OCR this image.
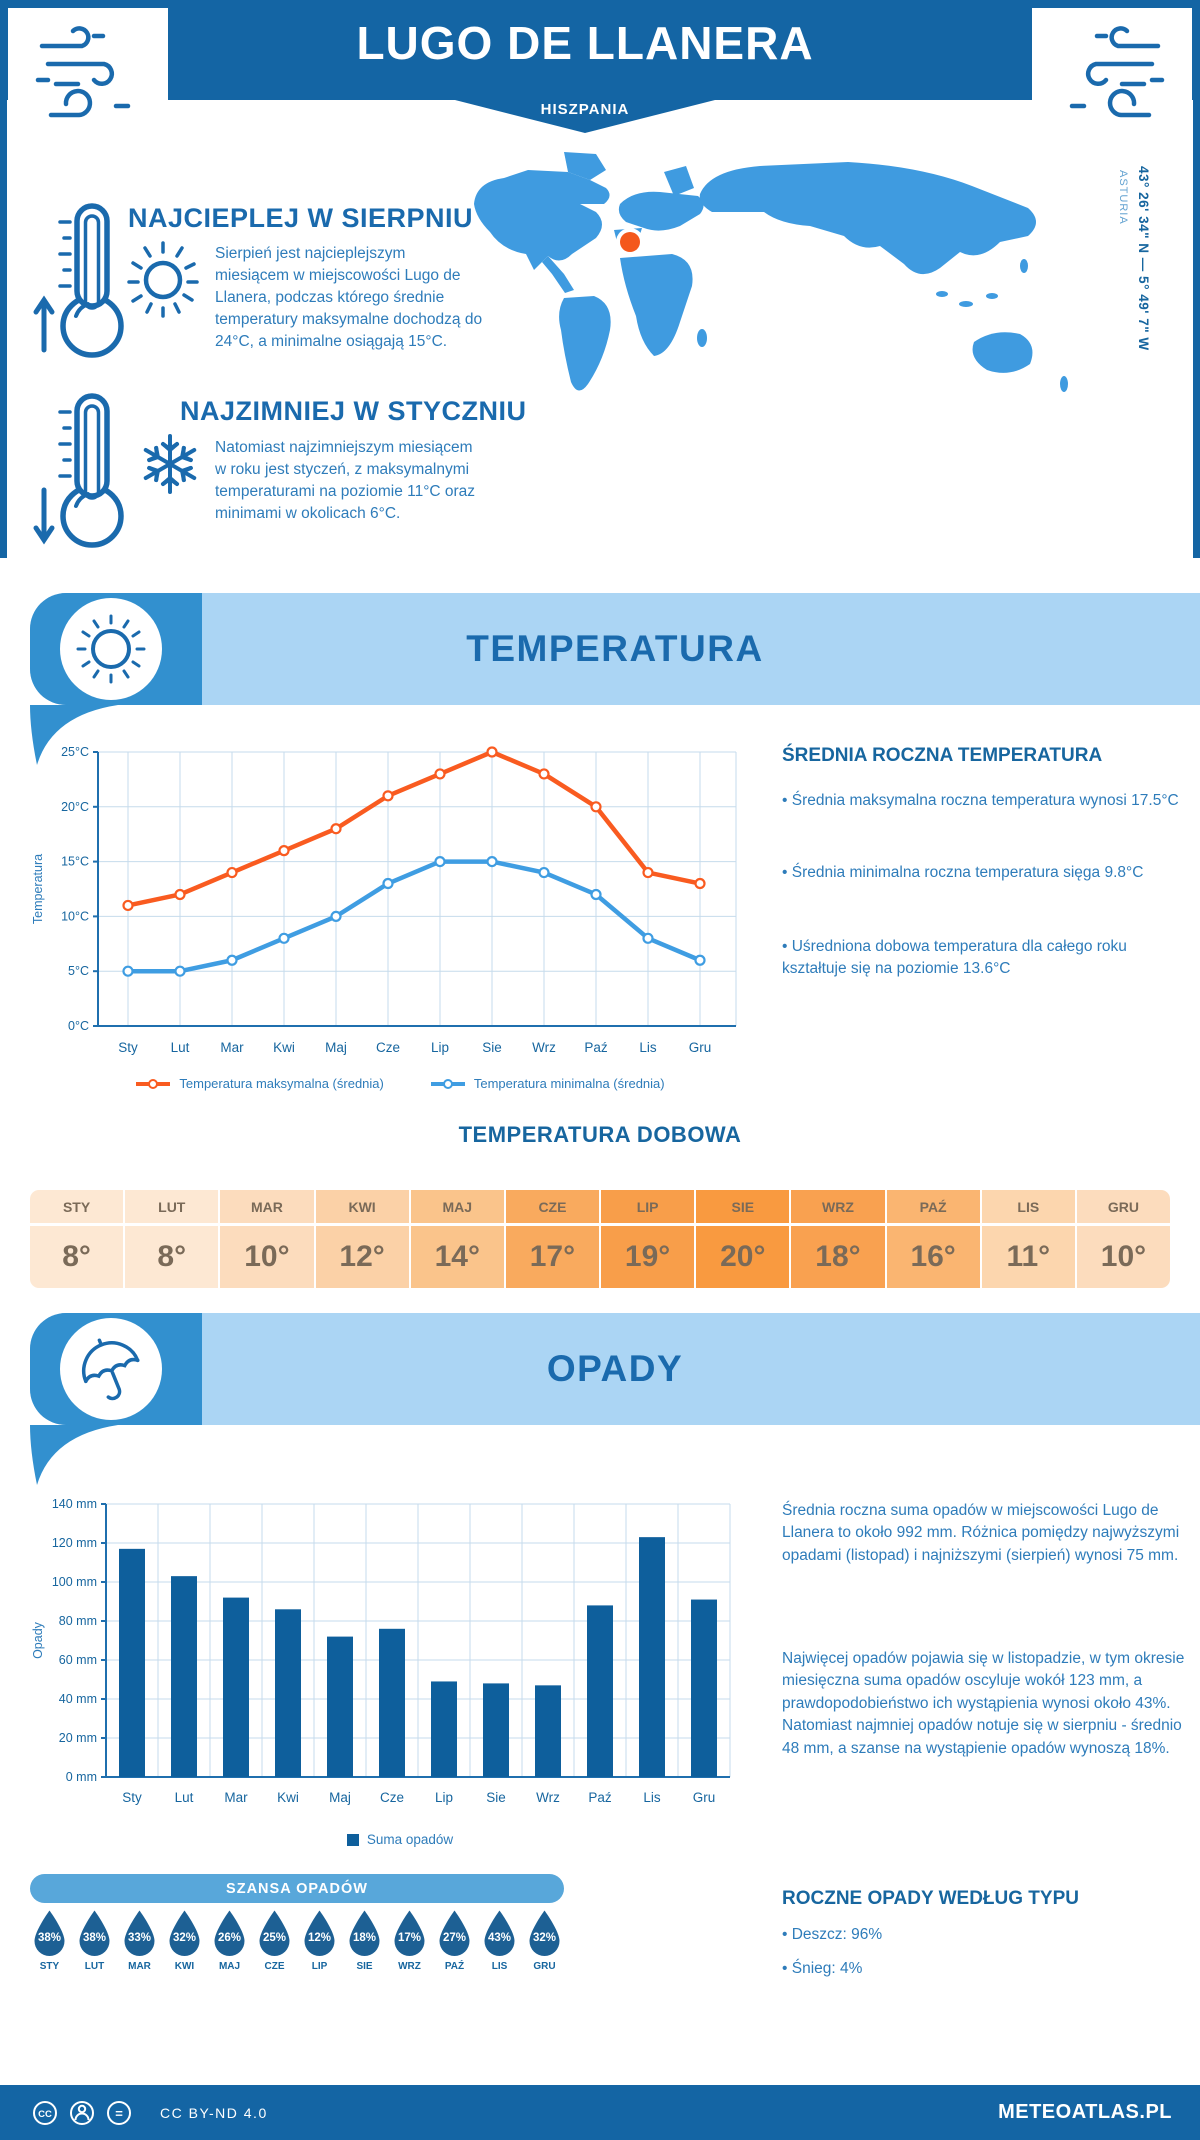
LUGO DE LLANERA
HISZPANIA
NAJCIEPLEJ W SIERPNIU
Sierpień jest najcieplejszym miesiącem w miejscowości Lugo de Llanera, podczas którego średnie temperatury maksymalne dochodzą do 24°C, a minimalne osiągają 15°C.
NAJZIMNIEJ W STYCZNIU
Natomiast najzimniejszym miesiącem w roku jest styczeń, z maksymalnymi temperaturami na poziomie 11°C oraz minimami w okolicach 6°C.
43° 26' 34" N — 5° 49' 7" W
ASTURIA
TEMPERATURA
0°C
5°C
10°C
15°C
20°C
25°C
Sty Lut Mar Kwi Maj Cze Lip Sie Wrz Paź Lis Gru
Temperatura
Temperatura maksymalna (średnia)	Temperatura minimalna (średnia)
ŚREDNIA ROCZNA TEMPERATURA
• Średnia maksymalna roczna temperatura wynosi 17.5°C
• Średnia minimalna roczna temperatura sięga 9.8°C
• Uśredniona dobowa temperatura dla całego roku kształtuje się na poziomie 13.6°C
TEMPERATURA DOBOWA
STY
8°
LUT
8°
MAR
10°
KWI
12°
MAJ
14°
CZE
17°
LIP
19°
SIE
20°
WRZ
18°
PAŹ
16°
LIS
11°
GRU
10°
OPADY
0 mm
20 mm
40 mm
60 mm
80 mm
100 mm
120 mm
140 mm
Sty Lut Mar Kwi Maj Cze Lip Sie Wrz Paź Lis Gru
Opady
Suma opadów
Średnia roczna suma opadów w miejscowości Lugo de Llanera to około 992 mm. Różnica pomiędzy najwyższymi opadami (listopad) i najniższymi (sierpień) wynosi 75 mm.
Najwięcej opadów pojawia się w listopadzie, w tym okresie miesięczna suma opadów oscyluje wokół 123 mm, a prawdopodobieństwo ich wystąpienia wynosi około 43%. Natomiast najmniej opadów notuje się w sierpniu - średnio 48 mm, a szanse na wystąpienie opadów wynoszą 18%.
ROCZNE OPADY WEDŁUG TYPU
• Deszcz: 96%
• Śnieg: 4%
SZANSA OPADÓW
38%
STY
38%
LUT
33%
MAR
32%
KWI
26%
MAJ
25%
CZE
12%
LIP
18%
SIE
17%
WRZ
27%
PAŹ
43%
LIS
32%
GRU
CC	=	CC BY-ND 4.0	METEOATLAS.PL
